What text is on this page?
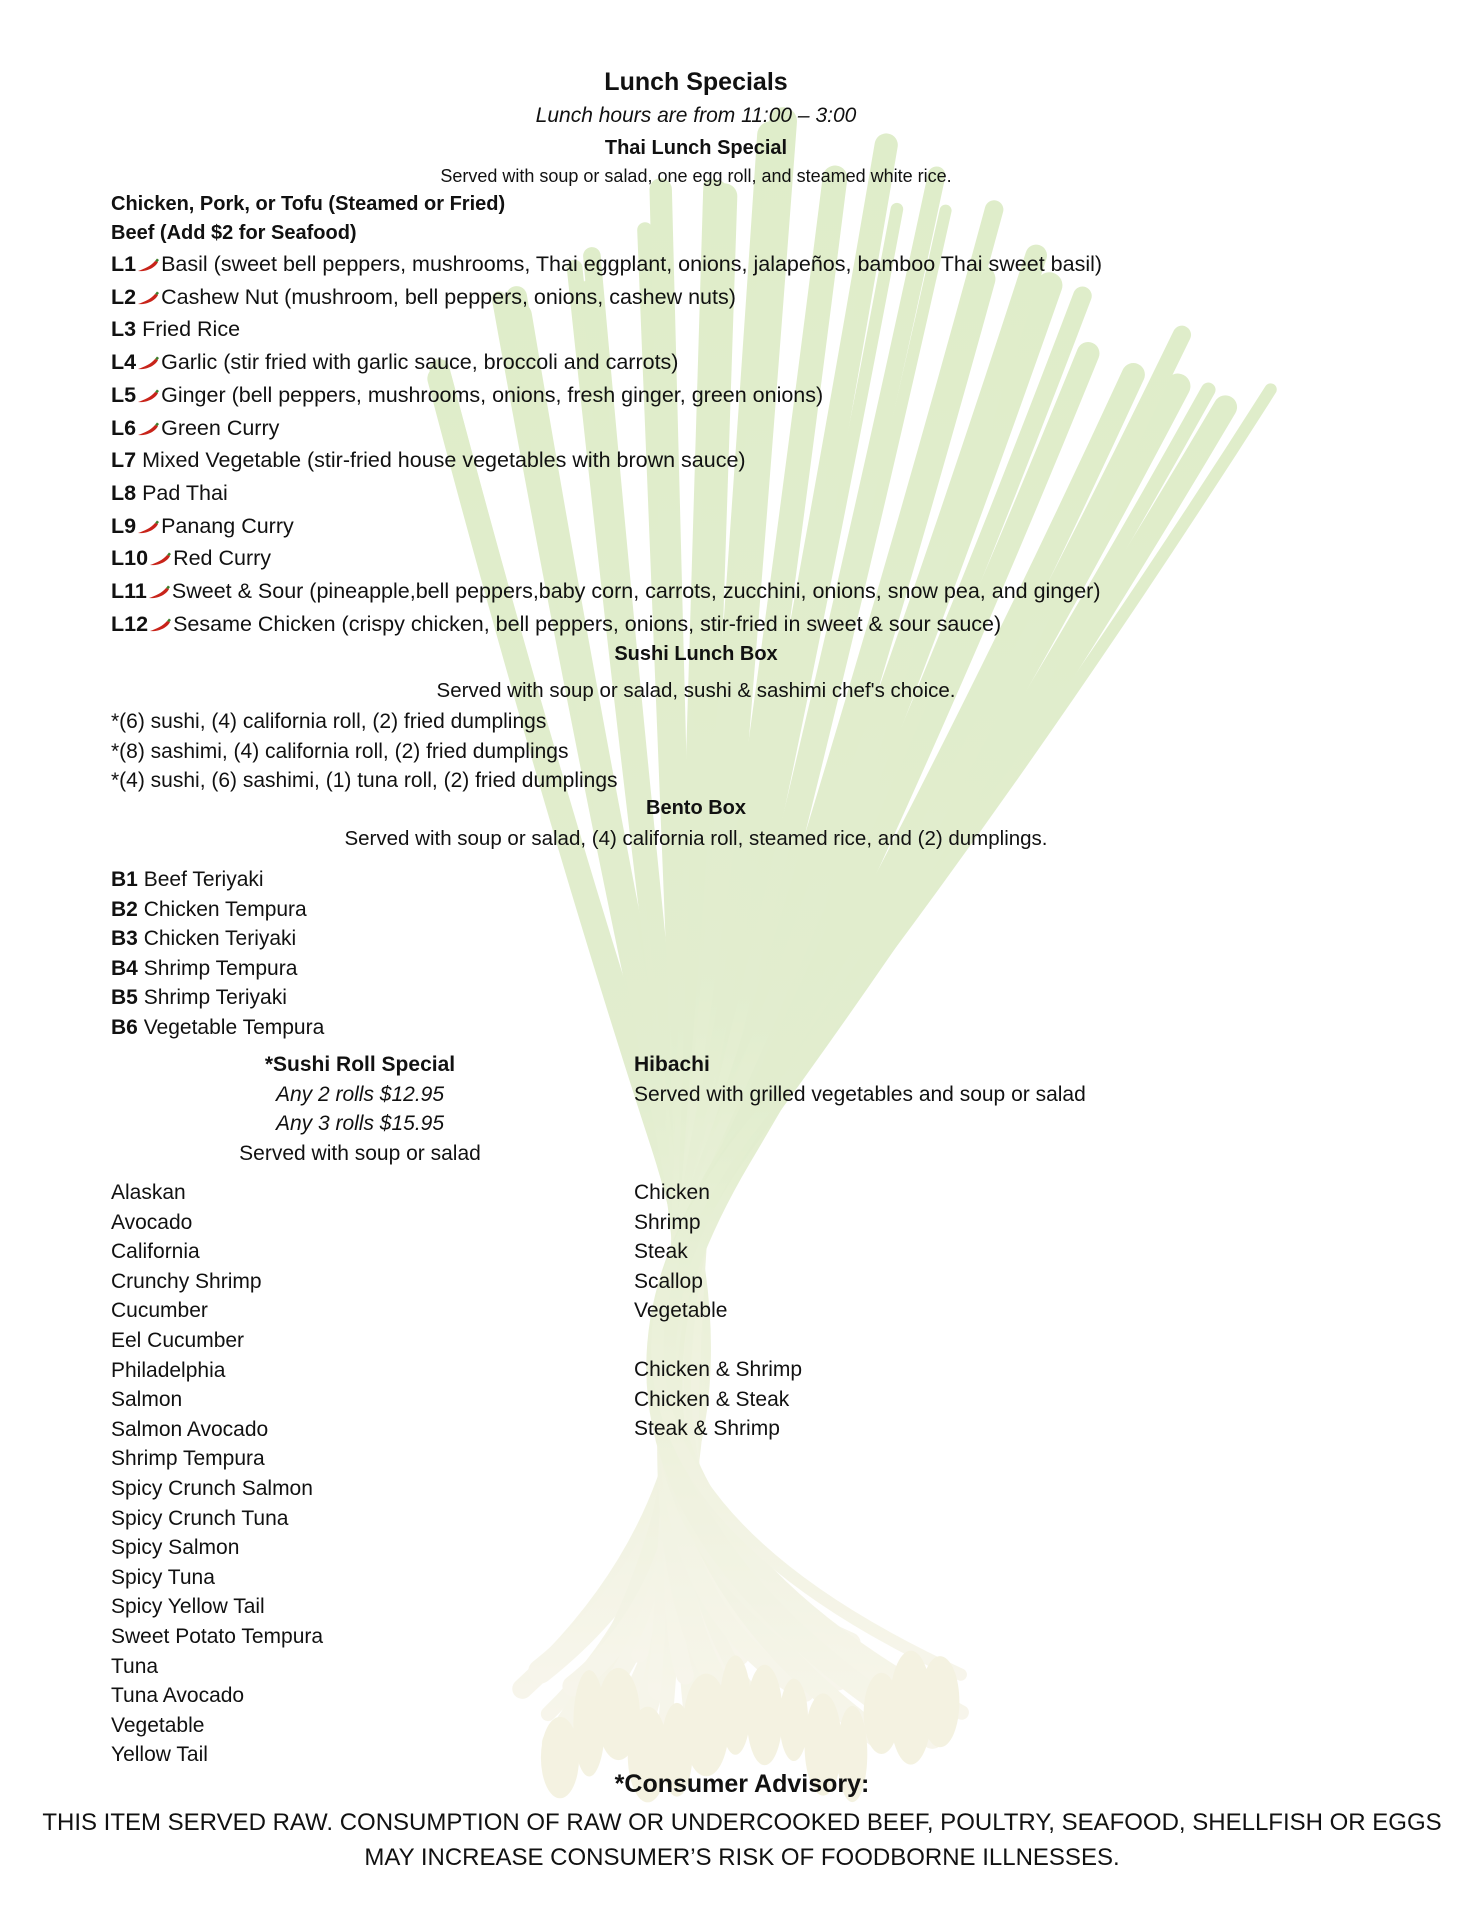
Lunch Specials
Lunch hours are from 11:00 – 3:00
Thai Lunch Special
Served with soup or salad, one egg roll, and steamed white rice.
Chicken, Pork, or Tofu (Steamed or Fried)
Beef (Add $2 for Seafood)
L1 Basil (sweet bell peppers, mushrooms, Thai eggplant, onions, jalapeños, bamboo Thai sweet basil)
L2 Cashew Nut (mushroom, bell peppers, onions, cashew nuts)
L3 Fried Rice
L4 Garlic (stir fried with garlic sauce, broccoli and carrots)
L5 Ginger (bell peppers, mushrooms, onions, fresh ginger, green onions)
L6 Green Curry
L7 Mixed Vegetable (stir-fried house vegetables with brown sauce)
L8 Pad Thai
L9 Panang Curry
L10 Red Curry
L11 Sweet & Sour (pineapple,bell peppers,baby corn, carrots, zucchini, onions, snow pea, and ginger)
L12 Sesame Chicken (crispy chicken, bell peppers, onions, stir-fried in sweet & sour sauce)
Sushi Lunch Box
Served with soup or salad, sushi & sashimi chef's choice.
*(6) sushi, (4) california roll, (2) fried dumplings
*(8) sashimi, (4) california roll, (2) fried dumplings
*(4) sushi, (6) sashimi, (1) tuna roll, (2) fried dumplings
Bento Box
Served with soup or salad, (4) california roll, steamed rice, and (2) dumplings.
B1 Beef Teriyaki
B2 Chicken Tempura
B3 Chicken Teriyaki
B4 Shrimp Tempura
B5 Shrimp Teriyaki
B6 Vegetable Tempura
*Sushi Roll Special
Any 2 rolls $12.95
Any 3 rolls $15.95
Served with soup or salad
Alaskan
Avocado
California
Crunchy Shrimp
Cucumber
Eel Cucumber
Philadelphia
Salmon
Salmon Avocado
Shrimp Tempura
Spicy Crunch Salmon
Spicy Crunch Tuna
Spicy Salmon
Spicy Tuna
Spicy Yellow Tail
Sweet Potato Tempura
Tuna
Tuna Avocado
Vegetable
Yellow Tail
Hibachi
Served with grilled vegetables and soup or salad
Chicken
Shrimp
Steak
Scallop
Vegetable
Chicken & Shrimp
Chicken & Steak
Steak & Shrimp
*Consumer Advisory:
THIS ITEM SERVED RAW. CONSUMPTION OF RAW OR UNDERCOOKED BEEF, POULTRY, SEAFOOD, SHELLFISH OR EGGS
MAY INCREASE CONSUMER’S RISK OF FOODBORNE ILLNESSES.
